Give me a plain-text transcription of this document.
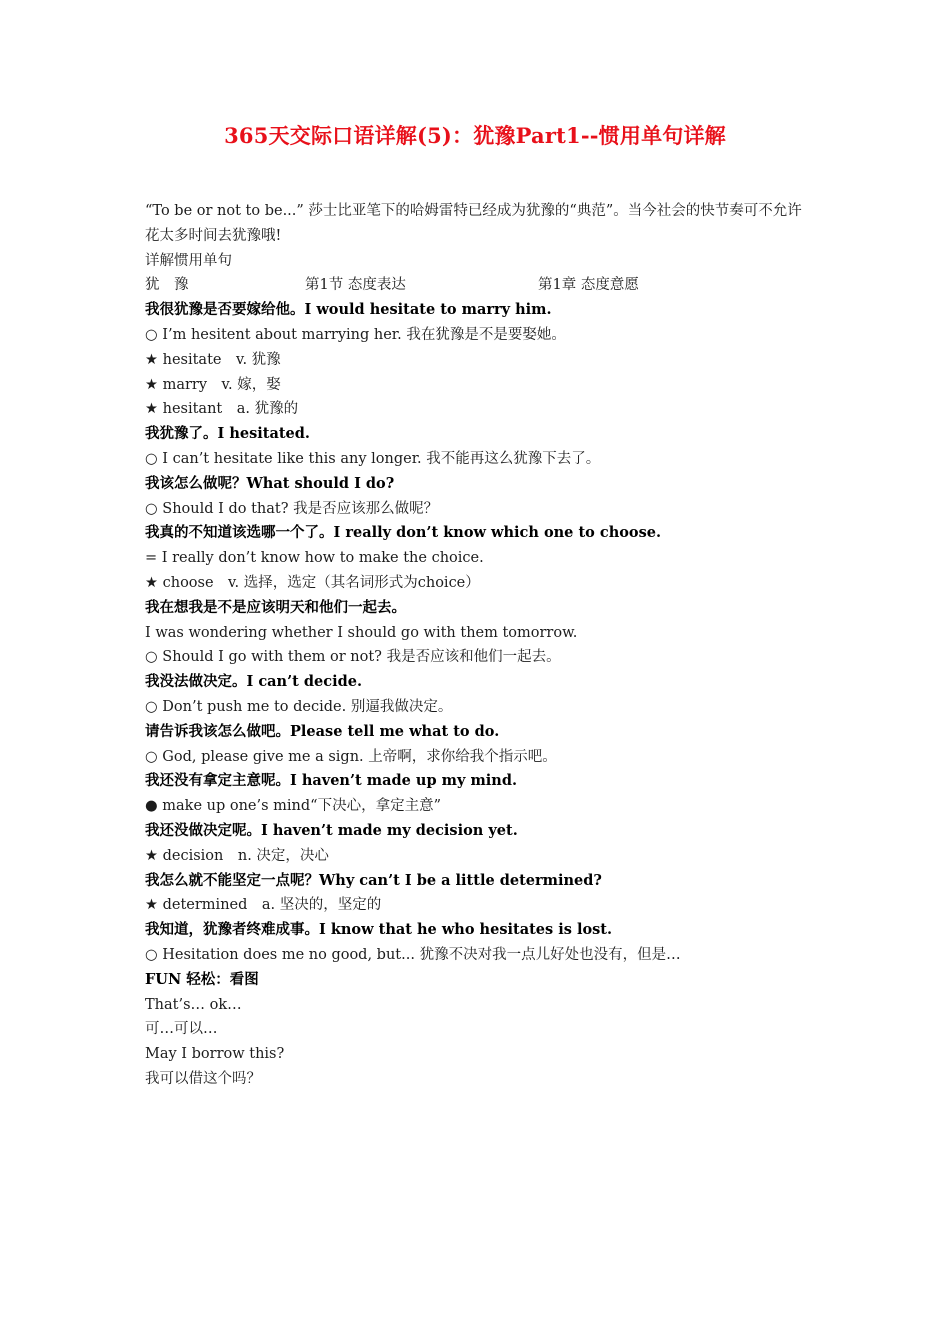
365天交际口语详解(5)：犹豫Part1--惯用单句详解
“To be or not to be...” 莎士比亚笔下的哈姆雷特已经成为犹豫的“典范”。当今社会的快节奏可不允许花太多时间去犹豫哦!
详解惯用单句
犹　豫	第1节 态度表达	第1章 态度意愿
我很犹豫是否要嫁给他。I would hesitate to marry him.
○ I’m hesitent about marrying her. 我在犹豫是不是要娶她。
★ hesitate　v. 犹豫
★ marry　v. 嫁，娶
★ hesitant　a. 犹豫的
我犹豫了。I hesitated.
○ I can’t hesitate like this any longer. 我不能再这么犹豫下去了。
我该怎么做呢？What should I do?
○ Should I do that? 我是否应该那么做呢？
我真的不知道该选哪一个了。I really don’t know which one to choose.
= I really don’t know how to make the choice.
★ choose　v. 选择，选定（其名词形式为choice）
我在想我是不是应该明天和他们一起去。
I was wondering whether I should go with them tomorrow.
○ Should I go with them or not? 我是否应该和他们一起去。
我没法做决定。I can’t decide.
○ Don’t push me to decide. 别逼我做决定。
请告诉我该怎么做吧。Please tell me what to do.
○ God, please give me a sign. 上帝啊，求你给我个指示吧。
我还没有拿定主意呢。I haven’t made up my mind.
● make up one’s mind“下决心，拿定主意”
我还没做决定呢。I haven’t made my decision yet.
★ decision　n. 决定，决心
我怎么就不能坚定一点呢？Why can’t I be a little determined?
★ determined　a. 坚决的，坚定的
我知道，犹豫者终难成事。I know that he who hesitates is lost.
○ Hesitation does me no good, but... 犹豫不决对我一点儿好处也没有，但是…
FUN 轻松：看图
That’s… ok…
可…可以…
May I borrow this?
我可以借这个吗？
